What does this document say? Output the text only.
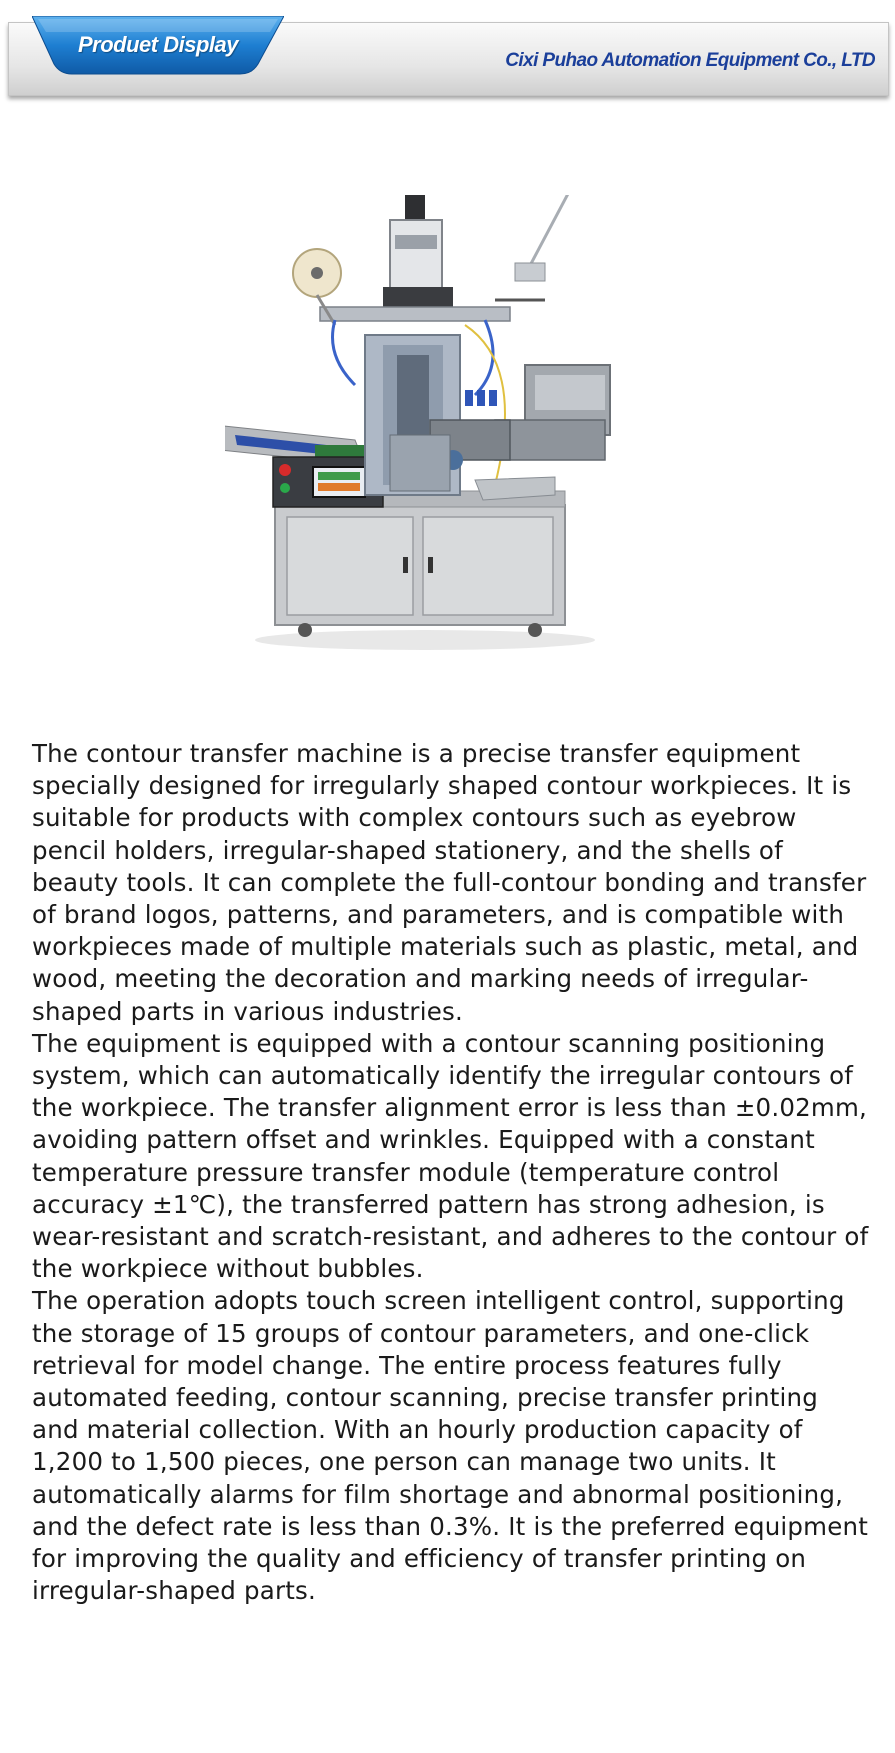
Produet Display
Cixi Puhao Automation Equipment Co., LTD

The contour transfer machine is a precise transfer equipment specially designed for irregularly shaped contour workpieces. It is suitable for products with complex contours such as eyebrow pencil holders, irregular-shaped stationery, and the shells of beauty tools. It can complete the full-contour bonding and transfer of brand logos, patterns, and parameters, and is compatible with workpieces made of multiple materials such as plastic, metal, and wood, meeting the decoration and marking needs of irregular-shaped parts in various industries.

The equipment is equipped with a contour scanning positioning system, which can automatically identify the irregular contours of the workpiece. The transfer alignment error is less than ±0.02mm, avoiding pattern offset and wrinkles. Equipped with a constant temperature pressure transfer module (temperature control accuracy ±1℃), the transferred pattern has strong adhesion, is wear-resistant and scratch-resistant, and adheres to the contour of the workpiece without bubbles.

The operation adopts touch screen intelligent control, supporting the storage of 15 groups of contour parameters, and one-click retrieval for model change. The entire process features fully automated feeding, contour scanning, precise transfer printing and material collection. With an hourly production capacity of 1,200 to 1,500 pieces, one person can manage two units. It automatically alarms for film shortage and abnormal positioning, and the defect rate is less than 0.3%. It is the preferred equipment for improving the quality and efficiency of transfer printing on irregular-shaped parts.
